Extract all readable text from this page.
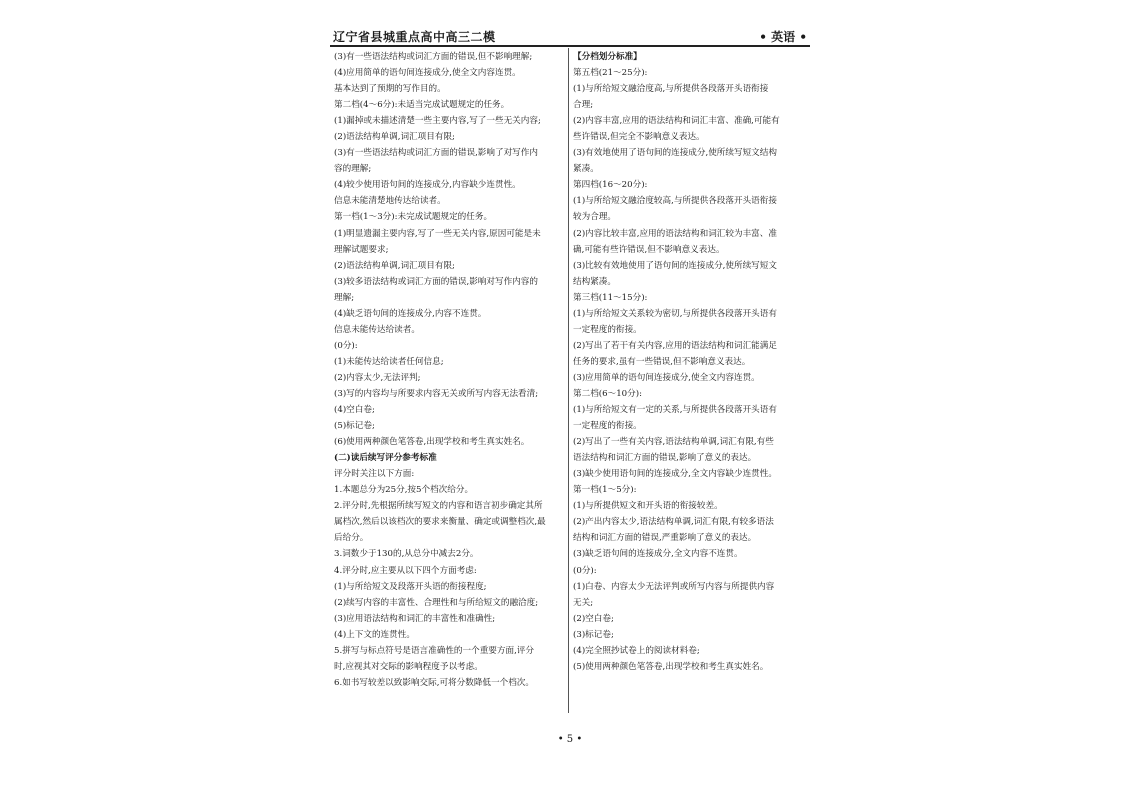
辽宁省县城重点高中高三二模	• 英语 •
(3)有一些语法结构或词汇方面的错误,但不影响理解;
(4)应用简单的语句间连接成分,使全文内容连贯。
基本达到了预期的写作目的。
第二档(4～6分):未适当完成试题规定的任务。
(1)漏掉或未描述清楚一些主要内容,写了一些无关内容;
(2)语法结构单调,词汇项目有限;
(3)有一些语法结构或词汇方面的错误,影响了对写作内
容的理解;
(4)较少使用语句间的连接成分,内容缺少连贯性。
信息未能清楚地传达给读者。
第一档(1～3分):未完成试题规定的任务。
(1)明显遗漏主要内容,写了一些无关内容,原因可能是未
理解试题要求;
(2)语法结构单调,词汇项目有限;
(3)较多语法结构或词汇方面的错误,影响对写作内容的
理解;
(4)缺乏语句间的连接成分,内容不连贯。
信息未能传达给读者。
(0分):
(1)未能传达给读者任何信息;
(2)内容太少,无法评判;
(3)写的内容均与所要求内容无关或所写内容无法看清;
(4)空白卷;
(5)标记卷;
(6)使用两种颜色笔答卷,出现学校和考生真实姓名。
(二)读后续写评分参考标准
评分时关注以下方面:
1.本题总分为25分,按5个档次给分。
2.评分时,先根据所续写短文的内容和语言初步确定其所
属档次,然后以该档次的要求来衡量、确定或调整档次,最
后给分。
3.词数少于130的,从总分中减去2分。
4.评分时,应主要从以下四个方面考虑:
(1)与所给短文及段落开头语的衔接程度;
(2)续写内容的丰富性、合理性和与所给短文的融洽度;
(3)应用语法结构和词汇的丰富性和准确性;
(4)上下文的连贯性。
5.拼写与标点符号是语言准确性的一个重要方面,评分
时,应视其对交际的影响程度予以考虑。
6.如书写较差以致影响交际,可将分数降低一个档次。
【分档划分标准】
第五档(21～25分):
(1)与所给短文融洽度高,与所提供各段落开头语衔接
合理;
(2)内容丰富,应用的语法结构和词汇丰富、准确,可能有
些许错误,但完全不影响意义表达。
(3)有效地使用了语句间的连接成分,使所续写短文结构
紧凑。
第四档(16～20分):
(1)与所给短文融洽度较高,与所提供各段落开头语衔接
较为合理。
(2)内容比较丰富,应用的语法结构和词汇较为丰富、准
确,可能有些许错误,但不影响意义表达。
(3)比较有效地使用了语句间的连接成分,使所续写短文
结构紧凑。
第三档(11～15分):
(1)与所给短文关系较为密切,与所提供各段落开头语有
一定程度的衔接。
(2)写出了若干有关内容,应用的语法结构和词汇能满足
任务的要求,虽有一些错误,但不影响意义表达。
(3)应用简单的语句间连接成分,使全文内容连贯。
第二档(6～10分):
(1)与所给短文有一定的关系,与所提供各段落开头语有
一定程度的衔接。
(2)写出了一些有关内容,语法结构单调,词汇有限,有些
语法结构和词汇方面的错误,影响了意义的表达。
(3)缺少使用语句间的连接成分,全文内容缺少连贯性。
第一档(1～5分):
(1)与所提供短文和开头语的衔接较差。
(2)产出内容太少,语法结构单调,词汇有限,有较多语法
结构和词汇方面的错误,严重影响了意义的表达。
(3)缺乏语句间的连接成分,全文内容不连贯。
(0分):
(1)白卷、内容太少无法评判或所写内容与所提供内容
无关;
(2)空白卷;
(3)标记卷;
(4)完全照抄试卷上的阅读材料卷;
(5)使用两种颜色笔答卷,出现学校和考生真实姓名。
• 5 •
